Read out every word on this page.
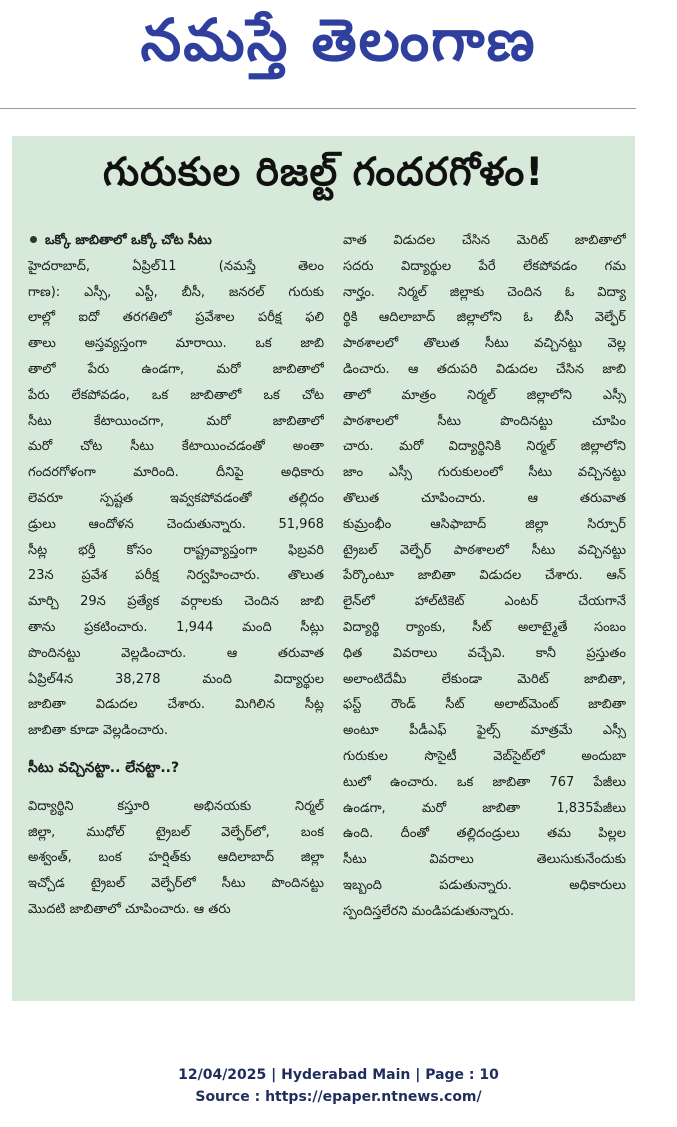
నమస్తే తెలంగాణ
గురుకుల రిజల్ట్ గందరగోళం!
ఒక్కో జాబితాలో ఒక్కో చోట సీటు
హైదరాబాద్, ఏప్రిల్11 (నమస్తే తెలం
గాణ): ఎస్సీ, ఎస్టీ, బీసీ, జనరల్ గురుకు
లాల్లో ఐదో తరగతిలో ప్రవేశాల పరీక్ష ఫలి
తాలు అస్తవ్యస్తంగా మారాయి. ఒక జాబి
తాలో పేరు ఉండగా, మరో జాబితాలో
పేరు లేకపోవడం, ఒక జాబితాలో ఒక చోట
సీటు కేటాయించగా, మరో జాబితాలో
మరో చోట సీటు కేటాయించడంతో అంతా
గందరగోళంగా మారింది. దీనిపై అధికారు
లెవరూ స్పష్టత ఇవ్వకపోవడంతో తల్లిదం
డ్రులు ఆందోళన చెందుతున్నారు. 51,968
సీట్ల భర్తీ కోసం రాష్ట్రవ్యాప్తంగా ఫిబ్రవరి
23న ప్రవేశ పరీక్ష నిర్వహించారు. తొలుత
మార్చి 29న ప్రత్యేక వర్గాలకు చెందిన జాబి
తాను ప్రకటించారు. 1,944 మంది సీట్లు
పొందినట్టు వెల్లడించారు. ఆ తరువాత
ఏప్రిల్4న 38,278 మంది విద్యార్థుల
జాబితా విడుదల చేశారు. మిగిలిన సీట్ల
జాబితా కూడా వెల్లడించారు.
సీటు వచ్చినట్టా.. లేనట్టా..?
విద్యార్థిని కస్తూరి అభినయకు నిర్మల్
జిల్లా, ముధోల్ ట్రైబల్ వెల్ఫేర్‌లో, బంక
అశ్వంత్, బంక హర్షిత్‌కు ఆదిలాబాద్ జిల్లా
ఇచ్చోడ ట్రైబల్ వెల్ఫేర్‌లో సీటు పొందినట్టు
మొదటి జాబితాలో చూపించారు. ఆ తరు
వాత విడుదల చేసిన మెరిట్ జాబితాలో
సదరు విద్యార్థుల పేరే లేకపోవడం గమ
నార్హం. నిర్మల్ జిల్లాకు చెందిన ఓ విద్యా
ర్థికి ఆదిలాబాద్ జిల్లాలోని ఓ బీసీ వెల్ఫేర్
పాఠశాలలో తొలుత సీటు వచ్చినట్టు వెల్ల
డించారు. ఆ తదుపరి విడుదల చేసిన జాబి
తాలో మాత్రం నిర్మల్ జిల్లాలోని ఎస్సీ
పాఠశాలలో సీటు పొందినట్టు చూపిం
చారు. మరో విద్యార్థినికి నిర్మల్ జిల్లాలోని
జాం ఎస్సీ గురుకులంలో సీటు వచ్చినట్టు
తొలుత చూపించారు. ఆ తరువాత
కుమ్రంభీం ఆసిఫాబాద్ జిల్లా సిర్పూర్
ట్రైబల్ వెల్ఫేర్ పాఠశాలలో సీటు వచ్చినట్టు
పేర్కొంటూ జాబితా విడుదల చేశారు. ఆన్
లైన్‌లో హాల్‌టికెట్ ఎంటర్ చేయగానే
విద్యార్థి ర్యాంకు, సీట్ అలాట్మైతే సంబం
ధిత వివరాలు వచ్చేవి. కానీ ప్రస్తుతం
అలాంటిదేమీ లేకుండా మెరిట్ జాబితా,
ఫస్ట్ రౌండ్ సీట్ అలాట్‌మెంట్ జాబితా
అంటూ పీడీఎఫ్ ఫైల్స్ మాత్రమే ఎస్సీ
గురుకుల సొసైటీ వెబ్‌సైట్‌లో అందుబా
టులో ఉంచారు. ఒక జాబితా 767 పేజీలు
ఉండగా, మరో జాబితా 1,835పేజీలు
ఉంది. దీంతో తల్లిదండ్రులు తమ పిల్లల
సీటు వివరాలు తెలుసుకునేందుకు
ఇబ్బంది పడుతున్నారు. అధికారులు
స్పందిస్తలేరని మండిపడుతున్నారు.
12/04/2025 | Hyderabad Main | Page : 10
Source : https://epaper.ntnews.com/
